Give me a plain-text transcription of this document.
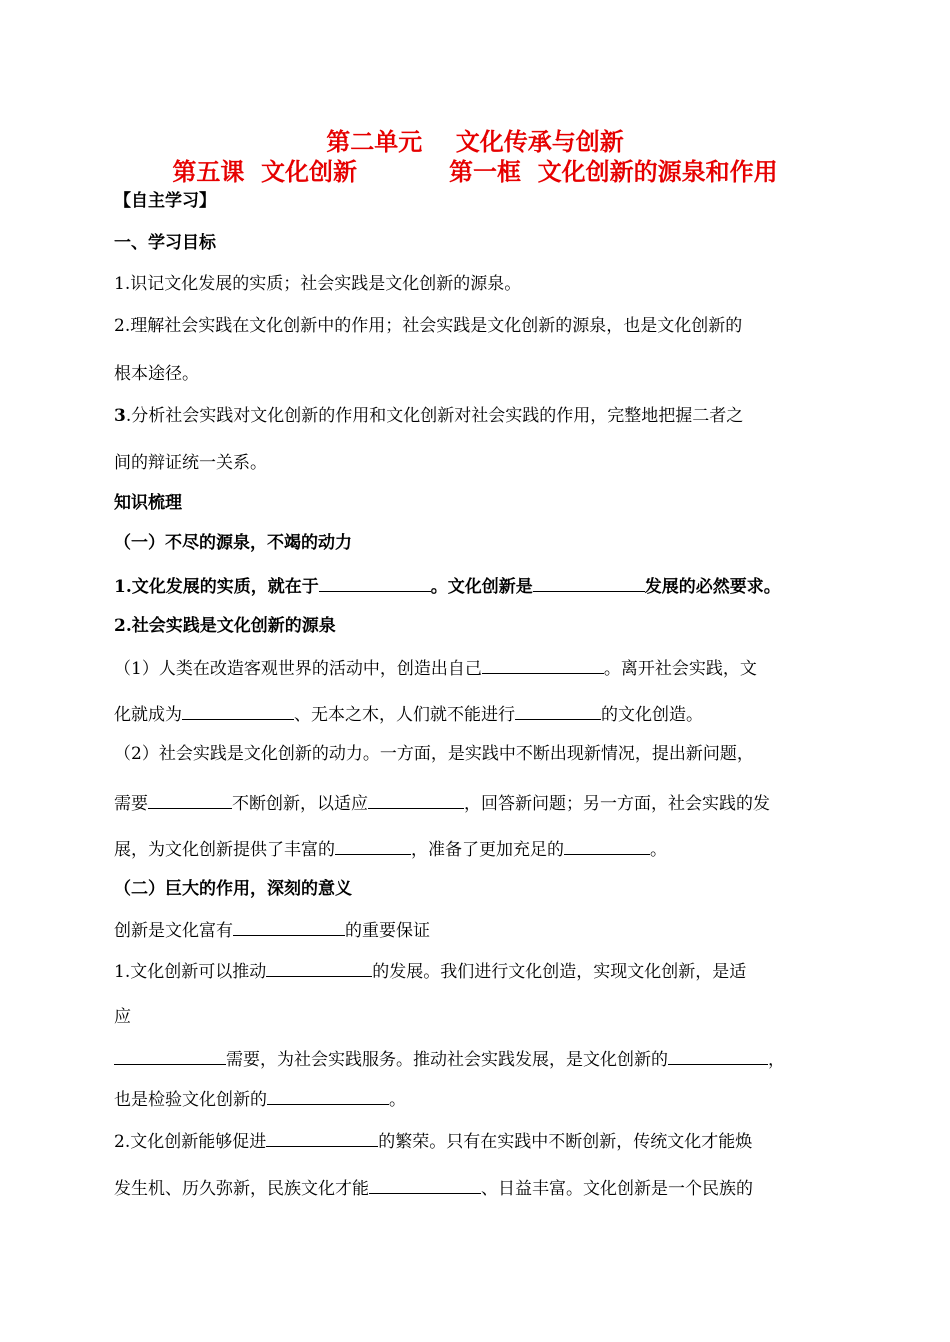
第二单元    文化传承与创新
第五课  文化创新           第一框  文化创新的源泉和作用
【自主学习】
一、学习目标
1.识记文化发展的实质；社会实践是文化创新的源泉。
2.理解社会实践在文化创新中的作用；社会实践是文化创新的源泉，也是文化创新的
根本途径。
3.分析社会实践对文化创新的作用和文化创新对社会实践的作用，完整地把握二者之
间的辩证统一关系。
知识梳理
（一）不尽的源泉，不竭的动力
1.文化发展的实质，就在于	。文化创新是	发展的必然要求。
2.社会实践是文化创新的源泉
（1）人类在改造客观世界的活动中，创造出自己	。离开社会实践，文
化就成为	、无本之木，人们就不能进行	的文化创造。
（2）社会实践是文化创新的动力。一方面，是实践中不断出现新情况，提出新问题，
需要	不断创新，以适应	，回答新问题；另一方面，社会实践的发
展，为文化创新提供了丰富的	，准备了更加充足的	。
（二）巨大的作用，深刻的意义
创新是文化富有	的重要保证
1.文化创新可以推动	的发展。我们进行文化创造，实现文化创新，是适
应
需要，为社会实践服务。推动社会实践发展，是文化创新的	，
也是检验文化创新的	。
2.文化创新能够促进	的繁荣。只有在实践中不断创新，传统文化才能焕
发生机、历久弥新，民族文化才能	、日益丰富。文化创新是一个民族的
